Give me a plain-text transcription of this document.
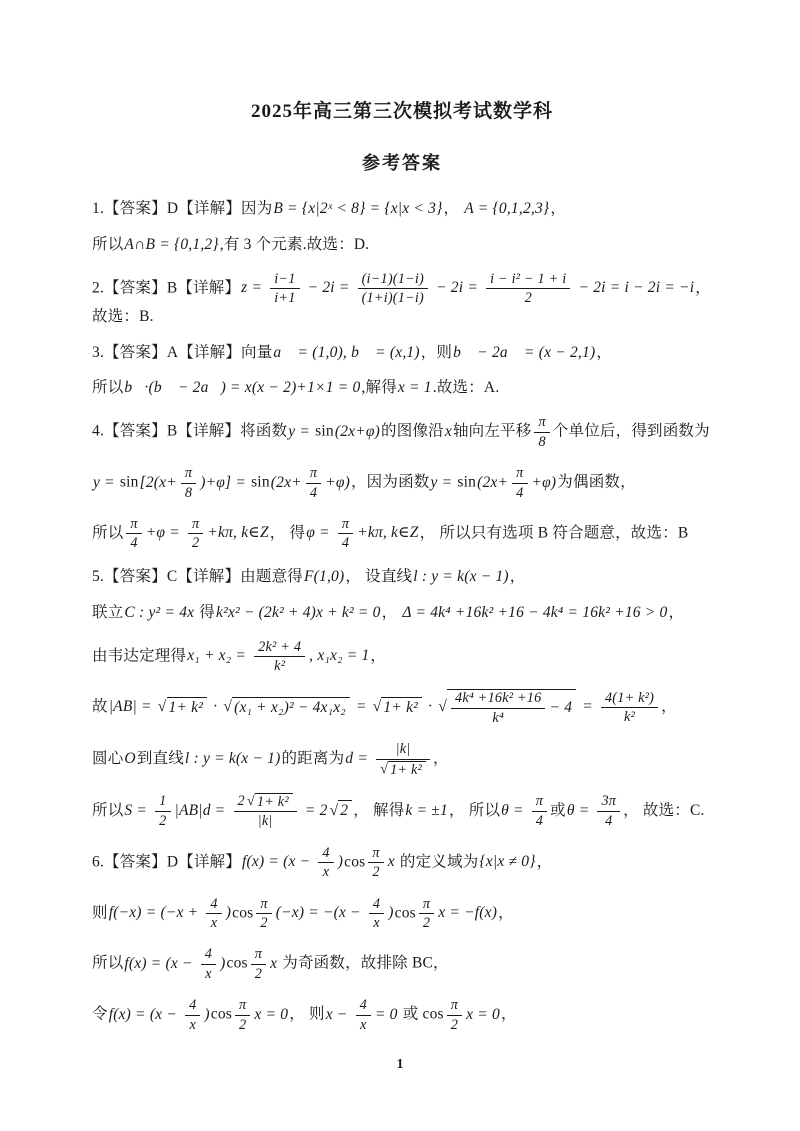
2025年高三第三次模拟考试数学科
参考答案
1.【答案】D【详解】因为B = {x|2ˣ < 8} = {x|x < 3}， A = {0,1,2,3}，
所以A∩B = {0,1,2},有 3 个元素.故选：D.
2.【答案】B【详解】$z = \frac{i-1}{i+1} - 2i = \frac{(i-1)(1-i)}{(1+i)(1-i)} - 2i = \frac{\text{i − i² − 1 + i}}{2} - 2i = i - 2i = -i$， 故选：B.
3.【答案】A【详解】向量a⃗ = (1,0), b⃗ = (x,1)，则b⃗ − 2a⃗ = (x − 2,1)，
所以b⃗·(b⃗ − 2a⃗) = x(x − 2)+1×1 = 0,解得x = 1.故选：A.
4.【答案】B【详解】将函数y = sin(2x+φ)的图像沿x轴向左平移 $\frac{\pi}{8}$ 个单位后，得到函数为
$y = \sin[2(x+ \frac{\pi}{8} )+\varphi] = \sin(2x+ \frac{\pi}{4} +\varphi)$，因为函数$y = \sin(2x+ \frac{\pi}{4} +\varphi)$为偶函数，
所以 $\frac{\pi}{4} +\varphi = \frac{\pi}{2} +k\pi$, k∈Z， 得$\varphi = \frac{\pi}{4} +k\pi$, k∈Z， 所以只有选项 B 符合题意，故选：B
5.【答案】C【详解】由题意得F(1,0)， 设直线l : y = k(x − 1)，
联立C : y² = 4x 得k²x² − (2k² + 4)x + k² = 0， Δ = 4k⁴ +16k² +16 − 4k⁴ = 16k² +16 > 0，
由韦达定理得$x_1 + x_2 = \frac{\text{2k² + 4}}{\text{k²}}$ , x₁x₂ = 1，
故|AB| = √ 1+ k² · √ (x₁ + x₂)² − 4x₁x₂ = √ 1+ k² · √ $\frac{\text{4k⁴ +16k² +16}}{\text{k⁴}} - 4 = \frac{\text{4(1+ k²)}}{\text{k²}}$ ，
圆心O到直线l : y = k(x − 1)的距离为$d = \frac{|k|}{\text{√ 1+ k²}}$ ，
所以$S = \frac{1}{2} |AB|d = \frac{\text{2 √ 1+ k²}}{|k|} = 2$ √ 2 ， 解得k = ±1， 所以$\theta = \frac{\pi}{4}$ 或$\theta = \frac{3\pi}{4}$ ， 故选：C.
6.【答案】D【详解】$f(x) = (x - \frac{4}{x} )\cos \frac{\pi}{2}$ x 的定义域为{x|x ≠ 0}，
则$f(-x) = (-x + \frac{4}{x} )\cos \frac{\pi}{2} (-x) = -(x - \frac{4}{x} )\cos \frac{\pi}{2}$ x = −f(x)，
所以$f(x) = (x - \frac{4}{x} )\cos \frac{\pi}{2}$ x 为奇函数，故排除 BC，
令$f(x) = (x - \frac{4}{x} )\cos \frac{\pi}{2}$ x = 0， 则$x - \frac{4}{x} = 0$ 或 $\cos \frac{\pi}{2}$ x = 0，
1
